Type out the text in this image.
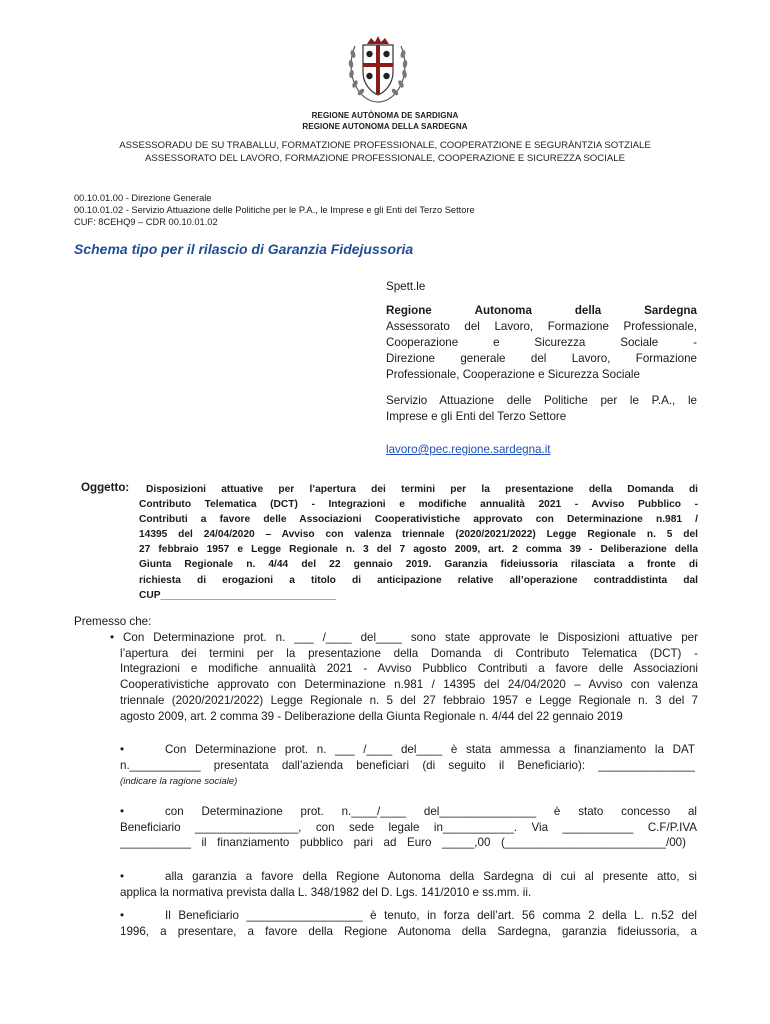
REGIONE AUTÒNOMA DE SARDIGNA
REGIONE AUTONOMA DELLA SARDEGNA
ASSESSORADU DE SU TRABALLU, FORMATZIONE PROFESSIONALE, COOPERATZIONE E SEGURÀNTZIA SOTZIALE
ASSESSORATO DEL LAVORO, FORMAZIONE PROFESSIONALE, COOPERAZIONE E SICUREZZA SOCIALE
00.10.01.00 - Direzione Generale
00.10.01.02 - Servizio Attuazione delle Politiche per le P.A., le Imprese e gli Enti del Terzo Settore
CUF: 8CEHQ9 – CDR 00.10.01.02
Schema tipo per il rilascio di Garanzia Fidejussoria
Spett.le
Regione	Autonoma	della	Sardegna
Assessorato del Lavoro, Formazione Professionale,
Cooperazione e Sicurezza Sociale -
Direzione generale del Lavoro, Formazione
Professionale, Cooperazione e Sicurezza Sociale
Servizio Attuazione delle Politiche per le P.A., le
Imprese e gli Enti del Terzo Settore
lavoro@pec.regione.sardegna.it
Oggetto:	Disposizioni attuative per l’apertura dei termini per la presentazione della Domanda di
Contributo Telematica (DCT) - Integrazioni e modifiche annualità 2021 - Avviso Pubblico -
Contributi a favore delle Associazioni Cooperativistiche approvato con Determinazione n.981 /
14395 del 24/04/2020 – Avviso con valenza triennale (2020/2021/2022) Legge Regionale n. 5 del
27 febbraio 1957 e Legge Regionale n. 3 del 7 agosto 2009, art. 2 comma 39 - Deliberazione della
Giunta Regionale n. 4/44 del 22 gennaio 2019. Garanzia fideiussoria rilasciata a fronte di
richiesta di erogazioni a titolo di anticipazione relative all’operazione contraddistinta dal
CUP_______________________________
Premesso che:
• Con Determinazione prot. n. ___ /____ del____ sono state approvate le Disposizioni attuative per
l’apertura dei termini per la presentazione della Domanda di Contributo Telematica (DCT) -
Integrazioni e modifiche annualità 2021 - Avviso Pubblico Contributi a favore delle Associazioni
Cooperativistiche approvato con Determinazione n.981 / 14395 del 24/04/2020 – Avviso con valenza
triennale (2020/2021/2022) Legge Regionale n. 5 del 27 febbraio 1957 e Legge Regionale n. 3 del 7
agosto 2009, art. 2 comma 39 - Deliberazione della Giunta Regionale n. 4/44 del 22 gennaio 2019
•	Con Determinazione prot. n. ___ /____ del____ è stata ammessa a finanziamento la DAT
n.___________ presentata dall’azienda beneficiari (di seguito il Beneficiario): _______________
(indicare la ragione sociale)
•	con Determinazione prot. n.____/____ del_______________ è stato concesso al
Beneficiario ________________, con sede legale in___________. Via ___________ C.F/P.IVA
___________ il finanziamento pubblico pari ad Euro _____,00 (_________________________/00)
•	alla garanzia a favore della Regione Autonoma della Sardegna di cui al presente atto, si
applica la normativa prevista dalla L. 348/1982 del D. Lgs. 141/2010 e ss.mm. ii.
•	Il Beneficiario __________________ è tenuto, in forza dell’art. 56 comma 2 della L. n.52 del
1996, a presentare, a favore della Regione Autonoma della Sardegna, garanzia fideiussoria, a
